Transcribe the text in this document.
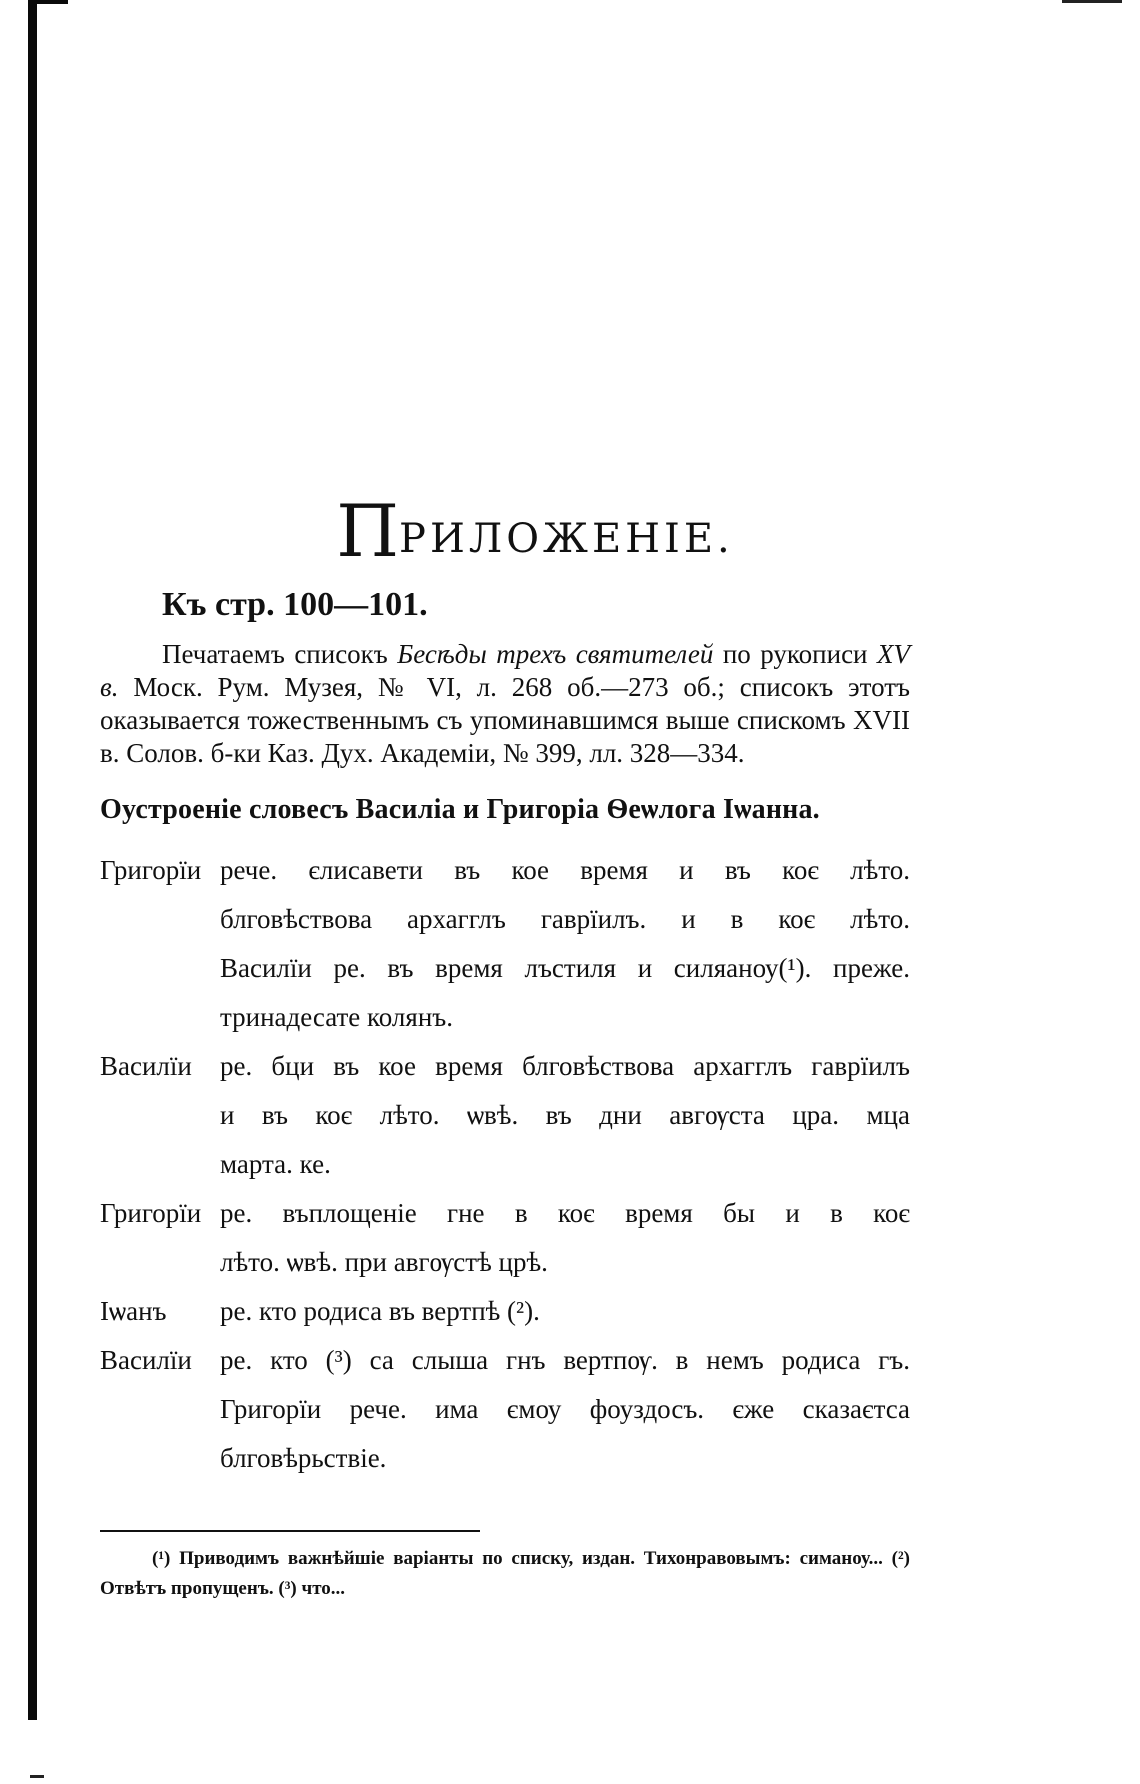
ПРИЛОЖЕНІЕ.
Къ стр. 100—101.

Печатаемъ списокъ Бесѣды трехъ святителей по рукописи XV в. Моск. Рум. Музея, № VI, л. 268 об.—273 об.; списокъ этотъ оказывается тожественнымъ съ упоминавшимся выше спискомъ XVII в. Солов. б-ки Каз. Дух. Академіи, № 399, лл. 328—334.

Оустроеніе словесъ Василіа и Григоріа Ѳеѡлога Іѡанна.
Григорїи рече. єлисавети въ кое время и въ коє лѣто.
блговѣствова архагглъ гаврїилъ. и в коє лѣто.
Василїи ре. въ время лъстиля и силяаноу(¹). преже.
тринадесате колянъ.
Василїи	ре. бци въ кое время блговѣствова архагглъ гаврїилъ
и въ коє лѣто. ѡвѣ. въ дни авгѹста цра. мца
марта. ке.
Григорїи ре. въплощеніе гне в коє время бы и в коє
лѣто. ѡвѣ. при авгѹстѣ црѣ.
Іѡанъ	ре. кто родиса въ вертпѣ (²).
Василїи	ре. кто (³) са слыша гнъ вертпѹ. в немъ родиса гъ.
Григорїи рече. има ємоу фоуздосъ. єже сказаєтса
блговѣрьствіе.
(¹) Приводимъ важнѣйшіе варіанты по списку, издан. Тихонравовымъ: симаноу... (²) Отвѣтъ пропущенъ. (³) что...
